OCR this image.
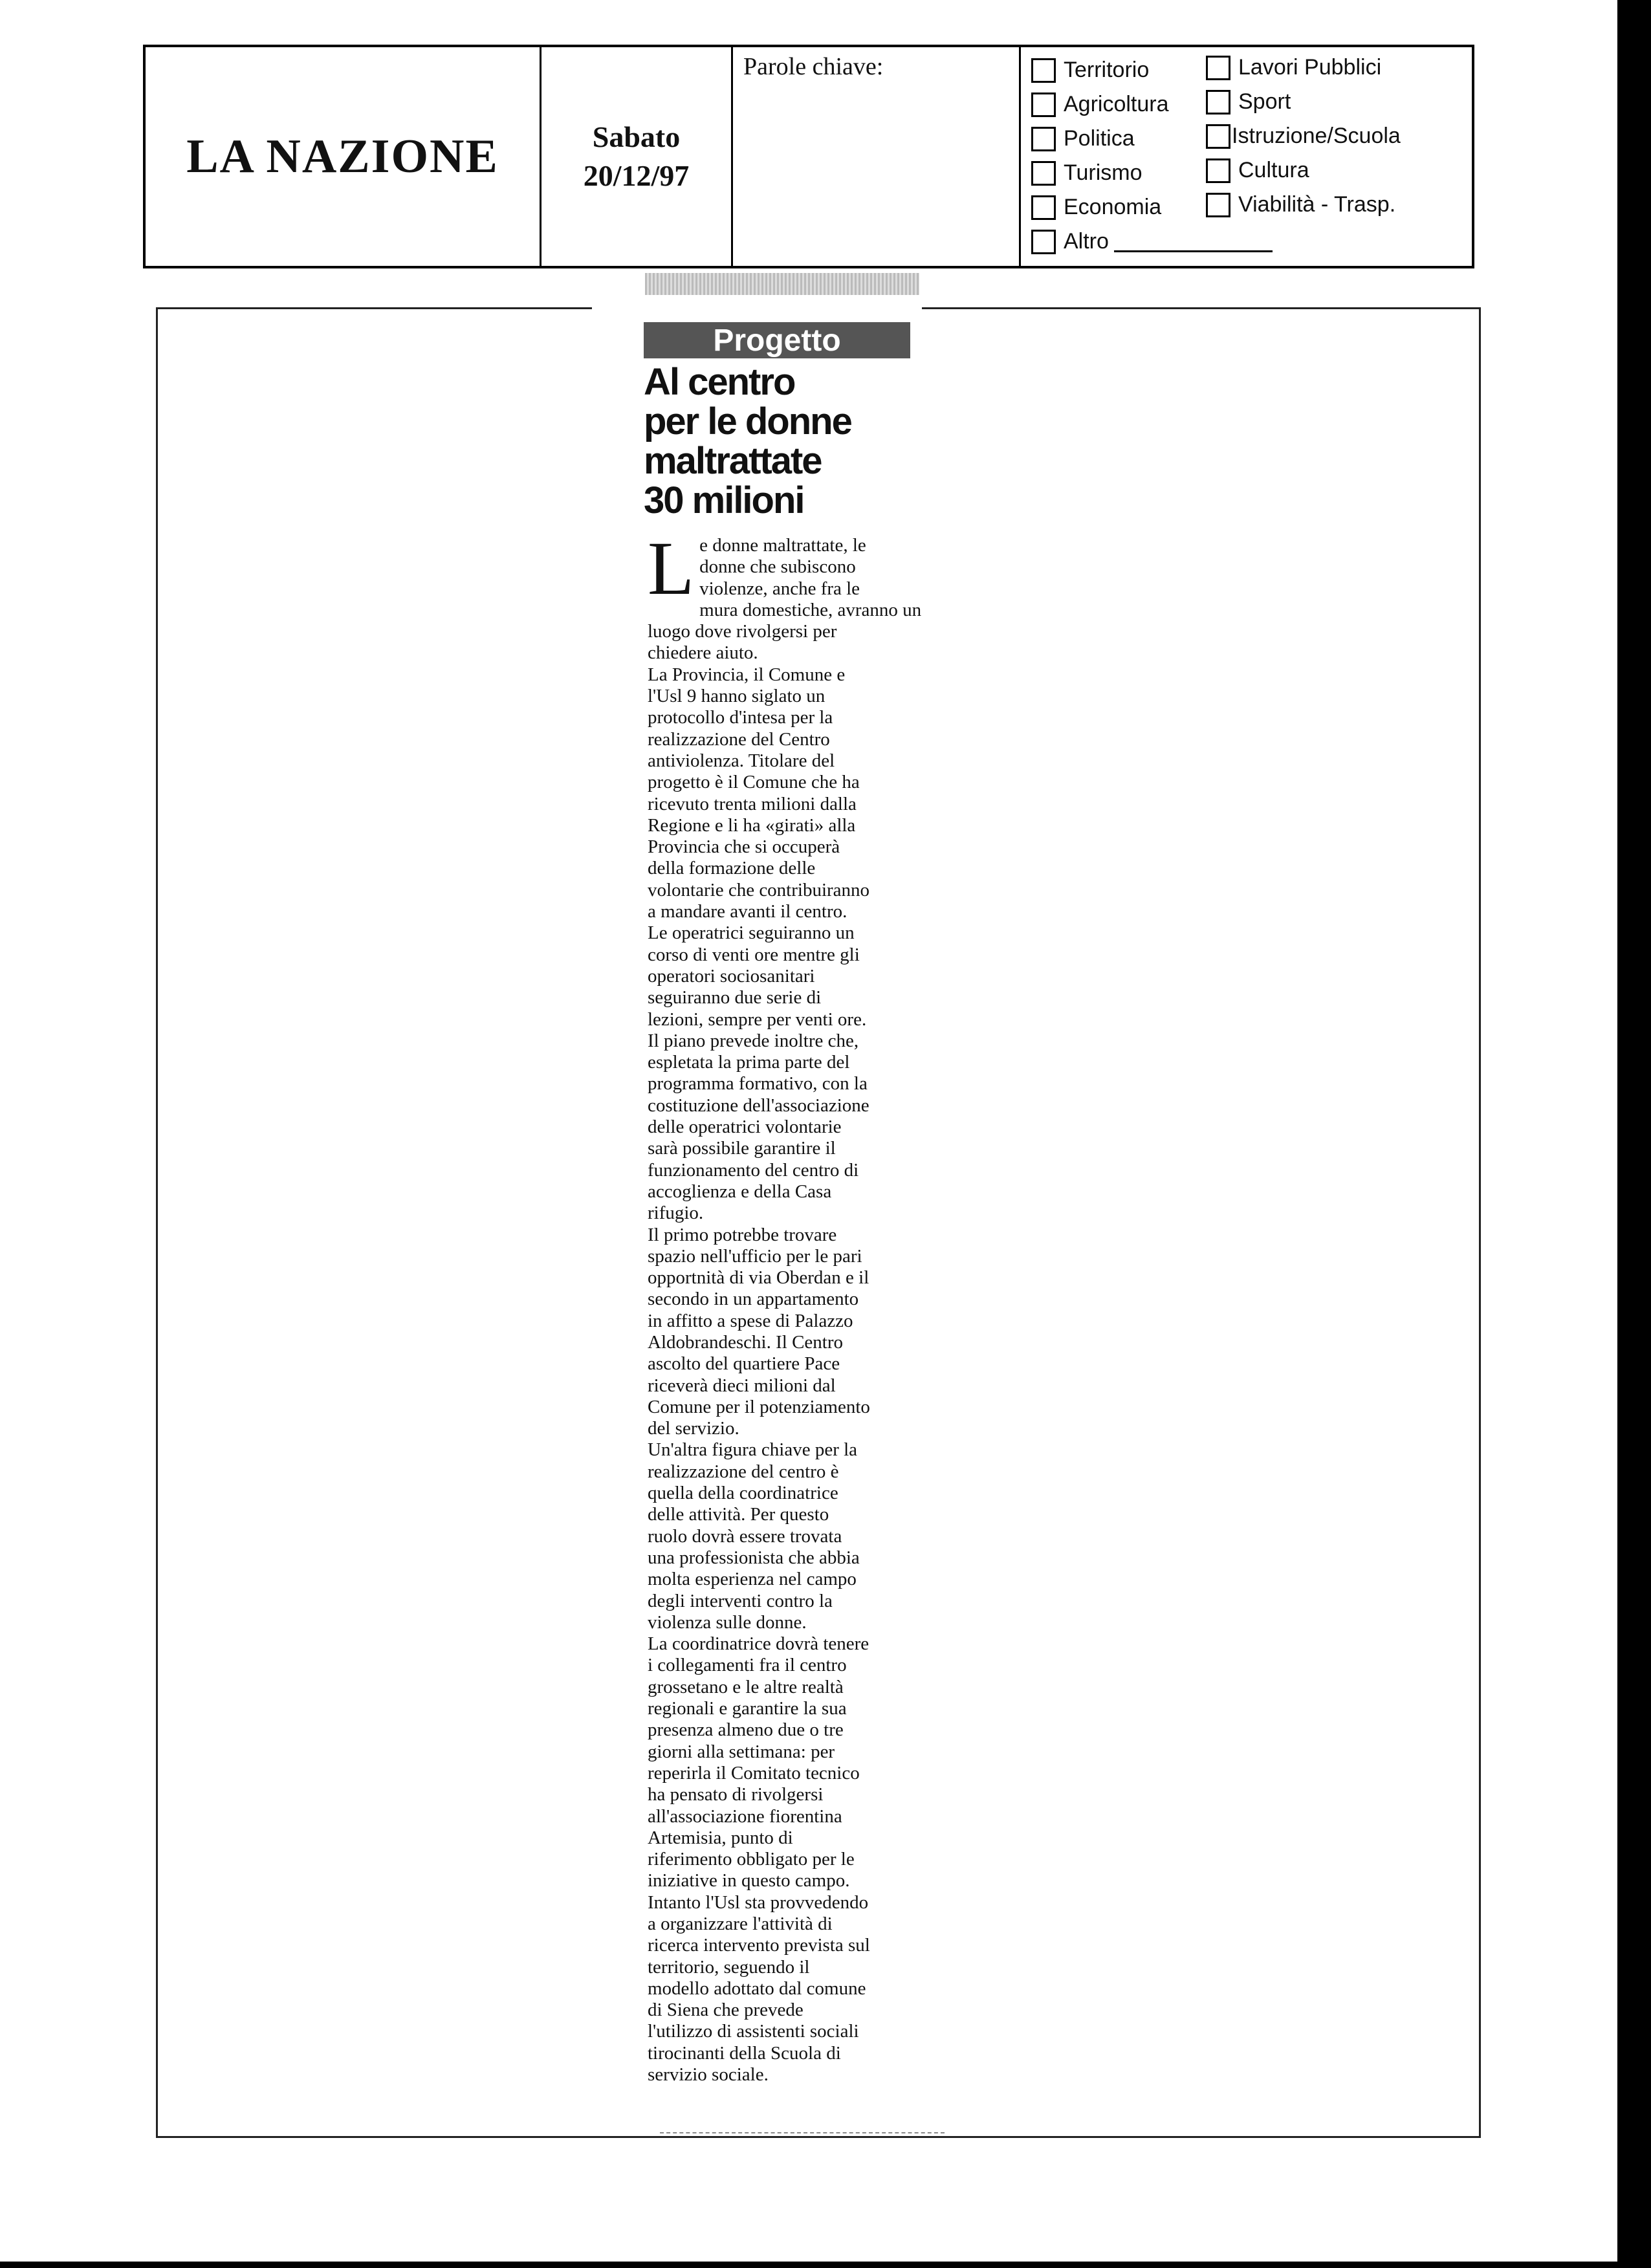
LA NAZIONE	Sabato
20/12/97
Parole chiave:	Territorio
Agricoltura
Politica
Turismo
Economia
Altro
Lavori Pubblici
Sport
Istruzione/Scuola
Cultura
Viabilità - Trasp.
Progetto
Al centro
per le donne
maltrattate
30 milioni
L e donne maltrattate, le
donne che subiscono
violenze, anche fra le
mura domestiche, avranno un
luogo dove rivolgersi per
chiedere aiuto.
La Provincia, il Comune e
l'Usl 9 hanno siglato un
protocollo d'intesa per la
realizzazione del Centro
antiviolenza. Titolare del
progetto è il Comune che ha
ricevuto trenta milioni dalla
Regione e li ha «girati» alla
Provincia che si occuperà
della formazione delle
volontarie che contribuiranno
a mandare avanti il centro.
Le operatrici seguiranno un
corso di venti ore mentre gli
operatori sociosanitari
seguiranno due serie di
lezioni, sempre per venti ore.
Il piano prevede inoltre che,
espletata la prima parte del
programma formativo, con la
costituzione dell'associazione
delle operatrici volontarie
sarà possibile garantire il
funzionamento del centro di
accoglienza e della Casa
rifugio.
Il primo potrebbe trovare
spazio nell'ufficio per le pari
opportnità di via Oberdan e il
secondo in un appartamento
in affitto a spese di Palazzo
Aldobrandeschi. Il Centro
ascolto del quartiere Pace
riceverà dieci milioni dal
Comune per il potenziamento
del servizio.
Un'altra figura chiave per la
realizzazione del centro è
quella della coordinatrice
delle attività. Per questo
ruolo dovrà essere trovata
una professionista che abbia
molta esperienza nel campo
degli interventi contro la
violenza sulle donne.
La coordinatrice dovrà tenere
i collegamenti fra il centro
grossetano e le altre realtà
regionali e garantire la sua
presenza almeno due o tre
giorni alla settimana: per
reperirla il Comitato tecnico
ha pensato di rivolgersi
all'associazione fiorentina
Artemisia, punto di
riferimento obbligato per le
iniziative in questo campo.
Intanto l'Usl sta provvedendo
a organizzare l'attività di
ricerca intervento prevista sul
territorio, seguendo il
modello adottato dal comune
di Siena che prevede
l'utilizzo di assistenti sociali
tirocinanti della Scuola di
servizio sociale.
